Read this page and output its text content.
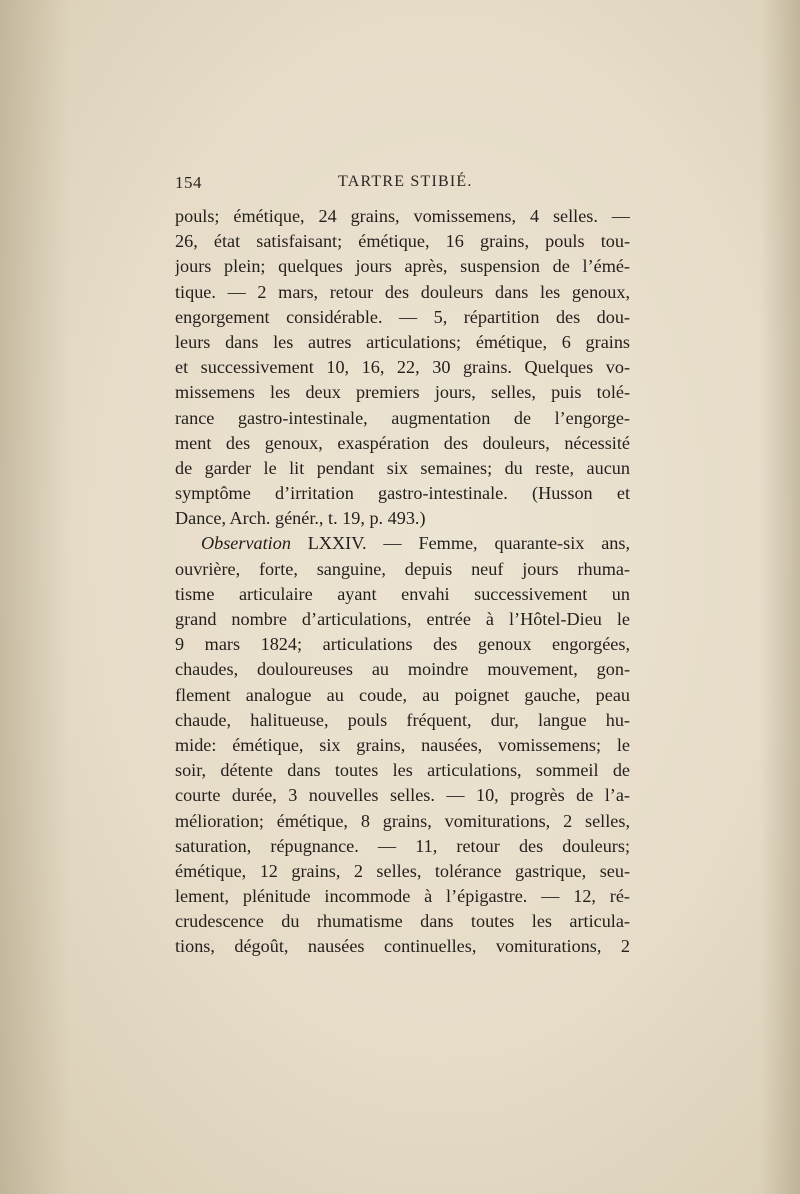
154	TARTRE STIBIÉ.
pouls; émétique, 24 grains, vomissemens, 4 selles. —
26, état satisfaisant; émétique, 16 grains, pouls tou-
jours plein; quelques jours après, suspension de l’émé-
tique. — 2 mars, retour des douleurs dans les genoux,
engorgement considérable. — 5, répartition des dou-
leurs dans les autres articulations; émétique, 6 grains
et successivement 10, 16, 22, 30 grains. Quelques vo-
missemens les deux premiers jours, selles, puis tolé-
rance gastro-intestinale, augmentation de l’engorge-
ment des genoux, exaspération des douleurs, nécessité
de garder le lit pendant six semaines; du reste, aucun
symptôme d’irritation gastro-intestinale. (Husson et
Dance, Arch. génér., t. 19, p. 493.)
Observation LXXIV. — Femme, quarante-six ans,
ouvrière, forte, sanguine, depuis neuf jours rhuma-
tisme articulaire ayant envahi successivement un
grand nombre d’articulations, entrée à l’Hôtel-Dieu le
9 mars 1824; articulations des genoux engorgées,
chaudes, douloureuses au moindre mouvement, gon-
flement analogue au coude, au poignet gauche, peau
chaude, halitueuse, pouls fréquent, dur, langue hu-
mide: émétique, six grains, nausées, vomissemens; le
soir, détente dans toutes les articulations, sommeil de
courte durée, 3 nouvelles selles. — 10, progrès de l’a-
mélioration; émétique, 8 grains, vomiturations, 2 selles,
saturation, répugnance. — 11, retour des douleurs;
émétique, 12 grains, 2 selles, tolérance gastrique, seu-
lement, plénitude incommode à l’épigastre. — 12, ré-
crudescence du rhumatisme dans toutes les articula-
tions, dégoût, nausées continuelles, vomiturations, 2
